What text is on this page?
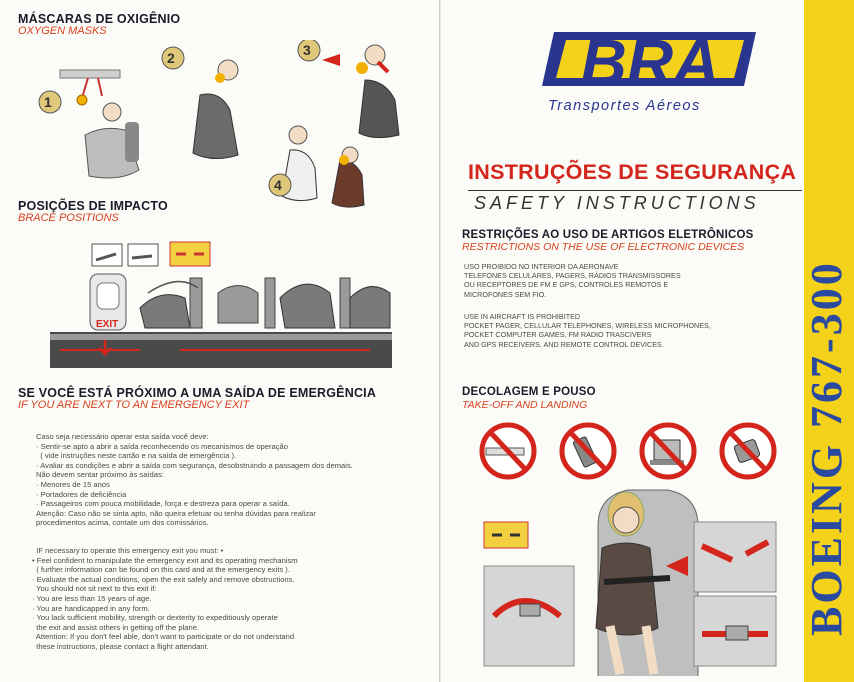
MÁSCARAS DE OXIGÊNIO
OXYGEN MASKS
1
2	3
4
POSIÇÕES DE IMPACTO
BRACE POSITIONS
EXIT
SE VOCÊ ESTÁ PRÓXIMO A UMA SAÍDA DE EMERGÊNCIA
IF YOU ARE NEXT TO AN EMERGENCY EXIT
Caso seja necessário operar esta saída você deve:
· Sentir-se apto a abrir a saída reconhecendo os mecanismos de operação
( vide instruções neste cartão e na saída de emergência ).
· Avaliar as condições e abrir a saída com segurança, desobstruindo a passagem dos demais.
Não devem sentar próximo às saídas:
· Menores de 15 anos
· Portadores de deficiência
· Passageiros com pouca mobilidade, força e destreza para operar a saída.
Atenção: Caso não se sinta apto, não queira efetuar ou tenha dúvidas para realizar
procedimentos acima, contate um dos comissários.
IF necessary to operate this emergency exit you must: •
• Feel confident to manipulate the emergency exit and its operating mechanism
( further information can be found on this card and at the emergency exits ).
· Evaluate the actual conditions, open the exit safely and remove obstructions.
You should not sit next to this exit if:
· You are less than 15 years of age.
· You are handicapped in any form.
· You lack sufficient mobility, strength or dexterity to expeditiously operate
the exit and assist others in getting off the plane.
Attention: If you don't feel able, don't want to participate or do not understand
these instructions, please contact a flight attendant.
BRA
Transportes Aéreos
INSTRUÇÕES DE SEGURANÇA
SAFETY INSTRUCTIONS
RESTRIÇÕES AO USO DE ARTIGOS ELETRÔNICOS
RESTRICTIONS ON THE USE OF ELECTRONIC DEVICES
USO PROIBIDO NO INTERIOR DA AERONAVE
TELEFONES CELULARES, PAGERS, RÁDIOS TRANSMISSORES
OU RECEPTORES DE FM E GPS, CONTROLES REMOTOS E
MICROFONES SEM FIO.
USE IN AIRCRAFT IS PROHIBITED
POCKET PAGER, CELLULAR TELEPHONES, WIRELESS MICROPHONES,
POCKET COMPUTER GAMES, FM RADIO TRASCIVERS
AND GPS RECEIVERS, AND REMOTE CONTROL DEVICES.
DECOLAGEM E POUSO
TAKE-OFF AND LANDING	BOEING 767-300
